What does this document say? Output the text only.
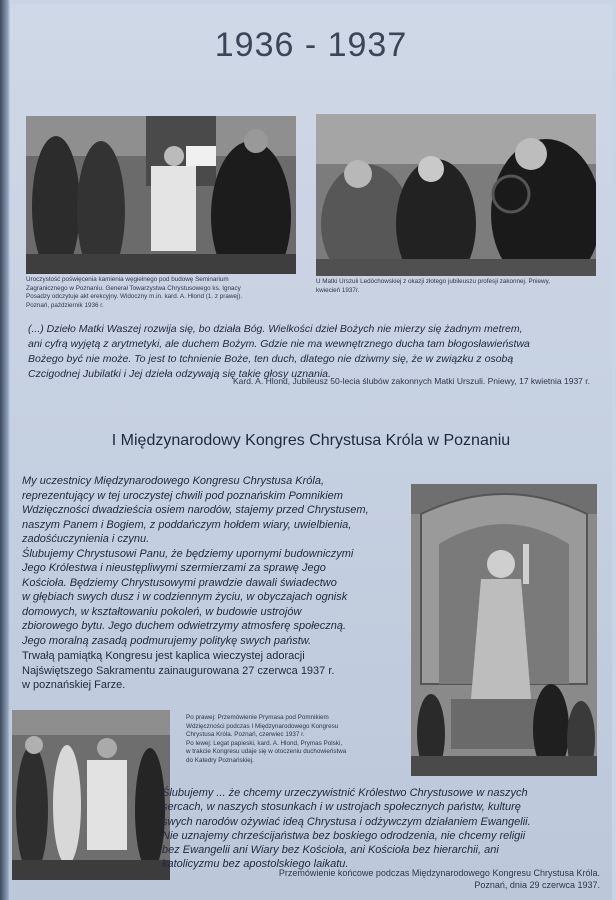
1936 - 1937

Uroczystość poświęcenia kamienia węgielnego pod budowę Seminarium

Zagranicznego w Poznaniu. Generał Towarzystwa Chrystusowego ks. Ignacy

Posadzy odczytuje akt erekcyjny. Widoczny m.in. kard. A. Hlond (1. z prawej).

Poznań, październik 1936 r.

U Matki Urszuli Ledóchowskiej z okazji złotego jubileuszu profesji zakonnej. Pniewy,

kwiecień 1937r.

(...) Dzieło Matki Waszej rozwija się, bo działa Bóg. Wielkości dzieł Bożych nie mierzy się żadnym metrem,

ani cyfrą wyjętą z arytmetyki, ale duchem Bożym. Gdzie nie ma wewnętrznego ducha tam błogosławieństwa

Bożego być nie może. To jest to tchnienie Boże, ten duch, dlatego nie dziwmy się, że w związku z osobą

Czcigodnej Jubilatki i Jej dzieła odzywają się takie głosy uznania.

Kard. A. Hlond, Jubileusz 50-lecia ślubów zakonnych Matki Urszuli. Pniewy, 17 kwietnia 1937 r.
I Międzynarodowy Kongres Chrystusa Króla w Poznaniu

My uczestnicy Międzynarodowego Kongresu Chrystusa Króla,

reprezentujący w tej uroczystej chwili pod poznańskim Pomnikiem

Wdzięczności dwadzieścia osiem narodów, stajemy przed Chrystusem,

naszym Panem i Bogiem, z poddańczym hołdem wiary, uwielbienia,

zadośćuczynienia i czynu.

Ślubujemy Chrystusowi Panu, że będziemy upornymi budowniczymi

Jego Królestwa i nieustępliwymi szermierzami za sprawę Jego

Kościoła. Będziemy Chrystusowymi prawdzie dawali świadectwo

w głębiach swych dusz i w codziennym życiu, w obyczajach ognisk

domowych, w kształtowaniu pokoleń, w budowie ustrojów

zbiorowego bytu. Jego duchem odwietrzymy atmosferę społeczną.

Jego moralną zasadą podmurujemy politykę swych państw.

Trwałą pamiątką Kongresu jest kaplica wieczystej adoracji

Najświętszego Sakramentu zainaugurowana 27 czerwca 1937 r.

w poznańskiej Farze.

Po prawej: Przemówienie Prymasa pod Pomnikiem

Wdzięczności podczas I Międzynarodowego Kongresu

Chrystusa Króla. Poznań, czerwiec 1937 r.

Po lewej: Legat papieski, kard. A. Hlond, Prymas Polski,

w trakcie Kongresu udaje się w otoczeniu duchowieństwa

do Katedry Poznańskiej.

Ślubujemy ... że chcemy urzeczywistnić Królestwo Chrystusowe w naszych

sercach, w naszych stosunkach i w ustrojach społecznych państw, kulturę

swych narodów ożywiać ideą Chrystusa i odżywczym działaniem Ewangelii.

Nie uznajemy chrześcijaństwa bez boskiego odrodzenia, nie chcemy religii

bez Ewangelii ani Wiary bez Kościoła, ani Kościoła bez hierarchii, ani

katolicyzmu bez apostolskiego laikatu.

Przemówienie końcowe podczas Międzynarodowego Kongresu Chrystusa Króla.

Poznań, dnia 29 czerwca 1937.
